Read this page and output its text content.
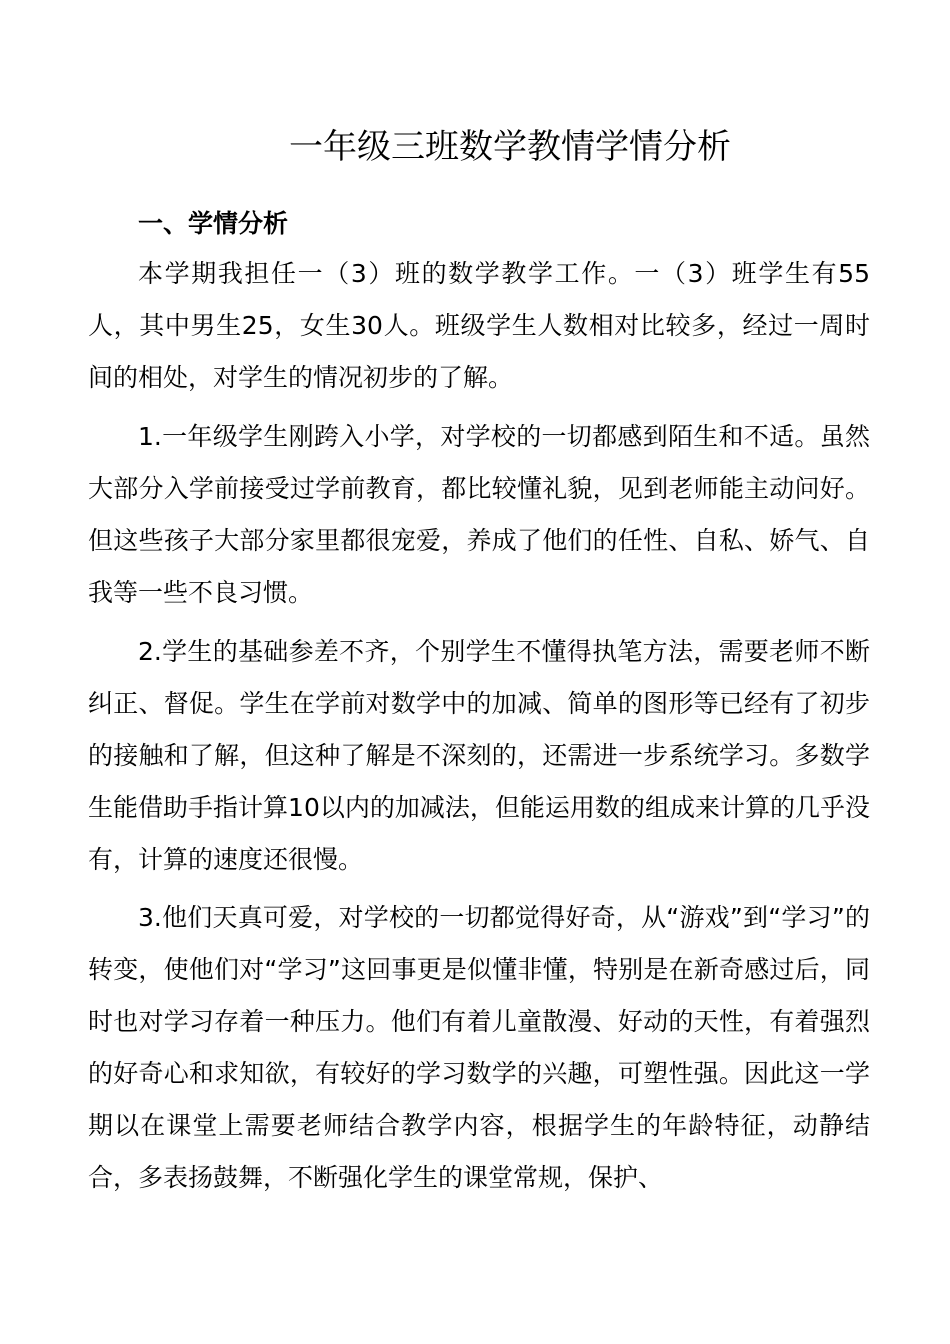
一年级三班数学教情学情分析
一、学情分析

本学期我担任一（3）班的数学教学工作。一（3）班学生有55人，其中男生25，女生30人。班级学生人数相对比较多，经过一周时间的相处，对学生的情况初步的了解。

1.一年级学生刚跨入小学，对学校的一切都感到陌生和不适。虽然大部分入学前接受过学前教育，都比较懂礼貌，见到老师能主动问好。但这些孩子大部分家里都很宠爱，养成了他们的任性、自私、娇气、自我等一些不良习惯。

2.学生的基础参差不齐，个别学生不懂得执笔方法，需要老师不断纠正、督促。学生在学前对数学中的加减、简单的图形等已经有了初步的接触和了解，但这种了解是不深刻的，还需进一步系统学习。多数学生能借助手指计算10以内的加减法，但能运用数的组成来计算的几乎没有，计算的速度还很慢。

3.他们天真可爱，对学校的一切都觉得好奇，从“游戏”到“学习”的转变，使他们对“学习”这回事更是似懂非懂，特别是在新奇感过后，同时也对学习存着一种压力。他们有着儿童散漫、好动的天性，有着强烈的好奇心和求知欲，有较好的学习数学的兴趣，可塑性强。因此这一学期以在课堂上需要老师结合教学内容，根据学生的年龄特征，动静结合，多表扬鼓舞，不断强化学生的课堂常规，保护、
